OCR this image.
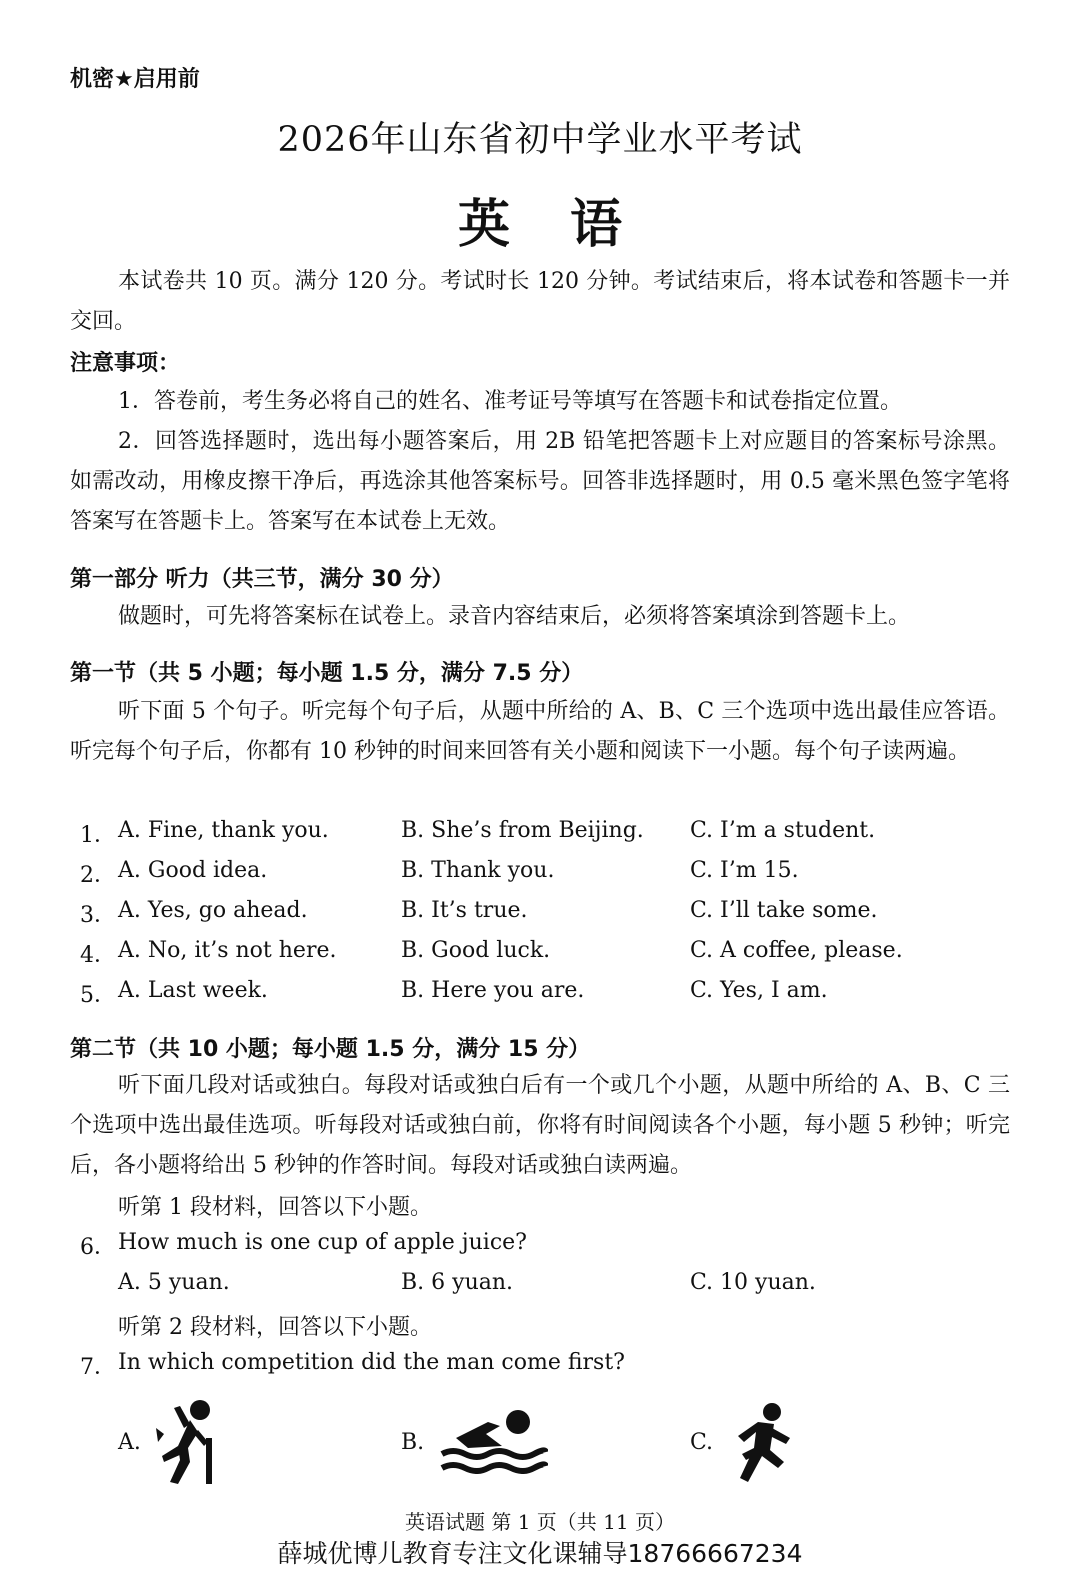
机密★启用前
2026年山东省初中学业水平考试
英语
本试卷共 10 页。满分 120 分。考试时长 120 分钟。考试结束后，将本试卷和答题卡一并交回。
注意事项：
1．答卷前，考生务必将自己的姓名、准考证号等填写在答题卡和试卷指定位置。
2．回答选择题时，选出每小题答案后，用 2B 铅笔把答题卡上对应题目的答案标号涂黑。如需改动，用橡皮擦干净后，再选涂其他答案标号。回答非选择题时，用 0.5 毫米黑色签字笔将答案写在答题卡上。答案写在本试卷上无效。
第一部分 听力（共三节，满分 30 分）
做题时，可先将答案标在试卷上。录音内容结束后，必须将答案填涂到答题卡上。
第一节（共 5 小题；每小题 1.5 分，满分 7.5 分）
听下面 5 个句子。听完每个句子后，从题中所给的 A、B、C 三个选项中选出最佳应答语。听完每个句子后，你都有 10 秒钟的时间来回答有关小题和阅读下一小题。每个句子读两遍。
1． A. Fine, thank you.	B. She’s from Beijing. C. I’m a student.
2． A. Good idea.	B. Thank you.	C. I’m 15.
3． A. Yes, go ahead.	B. It’s true.	C. I’ll take some.
4． A. No, it’s not here.	B. Good luck.	C. A coffee, please.
5． A. Last week.	B. Here you are.	C. Yes, I am.
第二节（共 10 小题；每小题 1.5 分，满分 15 分）
听下面几段对话或独白。每段对话或独白后有一个或几个小题，从题中所给的 A、B、C 三个选项中选出最佳选项。听每段对话或独白前，你将有时间阅读各个小题，每小题 5 秒钟；听完后，各小题将给出 5 秒钟的作答时间。每段对话或独白读两遍。
听第 1 段材料，回答以下小题。
6． How much is one cup of apple juice?
A. 5 yuan.	B. 6 yuan.	C. 10 yuan.
听第 2 段材料，回答以下小题。
7． In which competition did the man come first?
A.	B.	C.
英语试题 第 1 页（共 11 页）
薛城优博儿教育专注文化课辅导18766667234
